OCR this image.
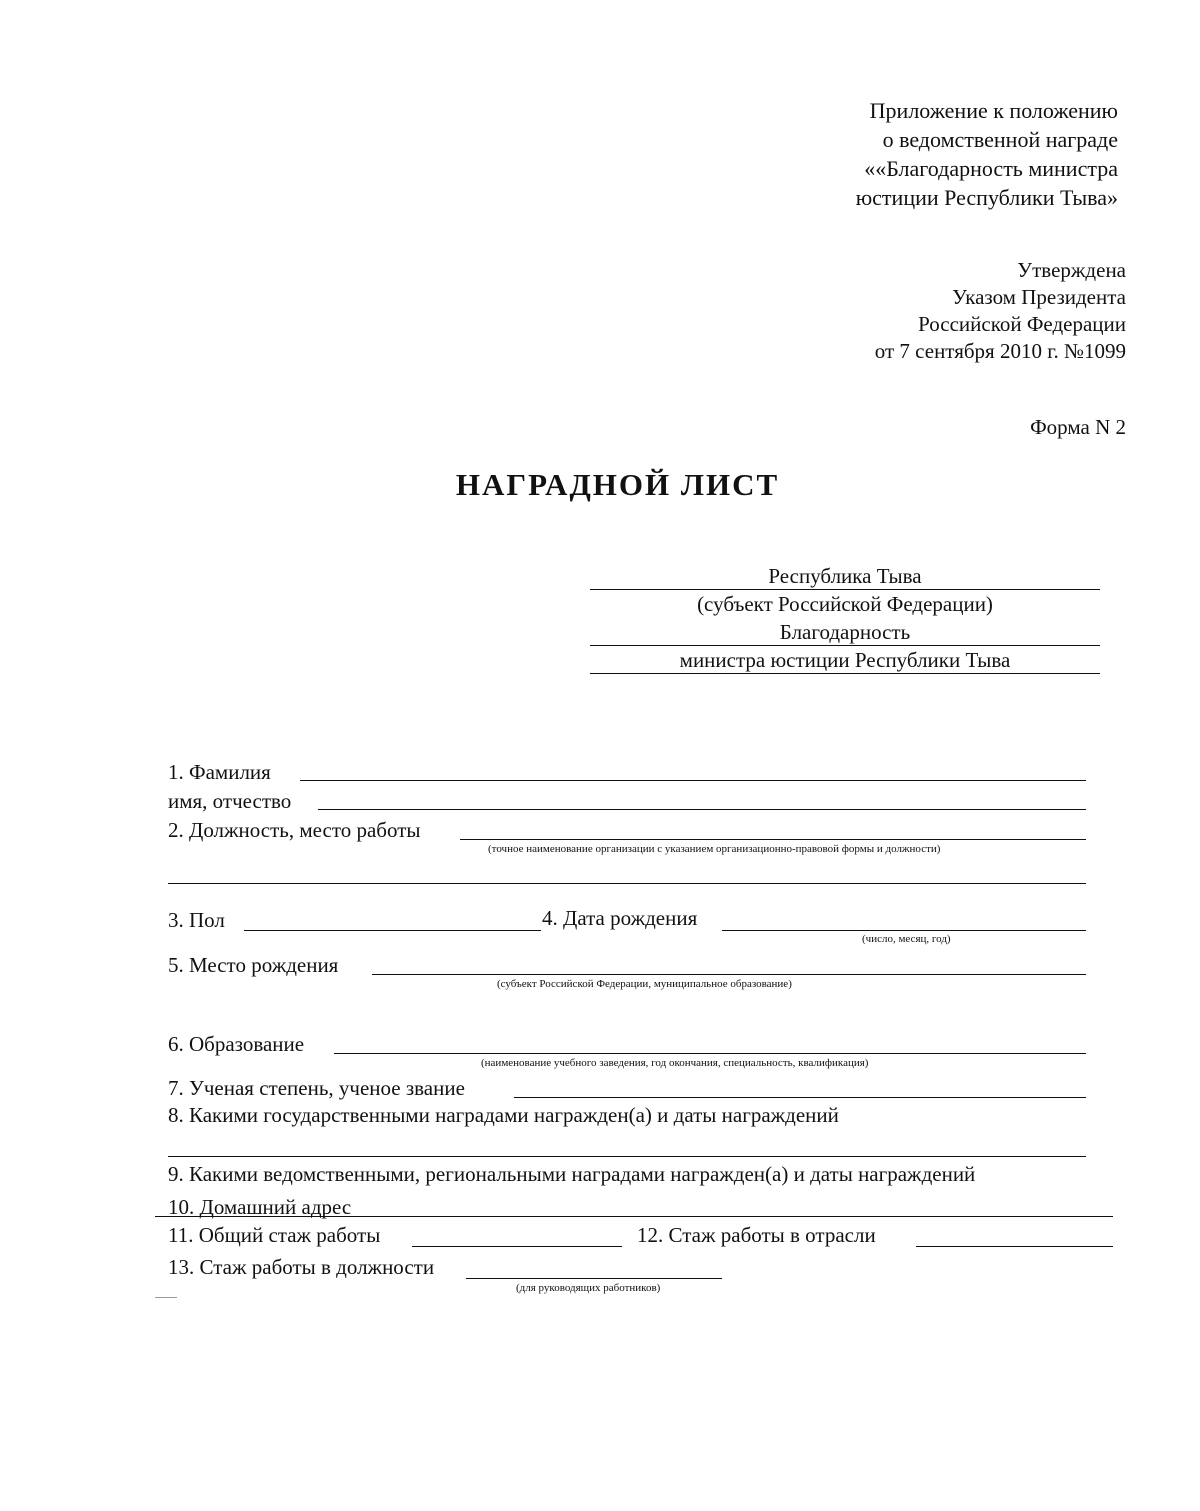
Приложение к положению
о ведомственной награде
««Благодарность министра
юстиции Республики Тыва»
Утверждена
Указом Президента
Российской Федерации
от 7 сентября 2010 г. №1099
Форма N 2
НАГРАДНОЙ ЛИСТ
Республика Тыва
(субъект Российской Федерации)
Благодарность
министра юстиции Республики Тыва
1. Фамилия
имя, отчество
2. Должность, место работы
(точное наименование организации с указанием организационно-правовой формы и должности)
3. Пол	4. Дата рождения
(число, месяц, год)
5. Место рождения
(субъект Российской Федерации, муниципальное образование)
6. Образование
(наименование учебного заведения, год окончания, специальность, квалификация)
7. Ученая степень, ученое звание
8. Какими государственными наградами награжден(а) и даты награждений
9. Какими ведомственными, региональными наградами награжден(а) и даты награждений
10. Домашний адрес
11. Общий стаж работы	12. Стаж работы в отрасли
13. Стаж работы в должности
(для руководящих работников)
